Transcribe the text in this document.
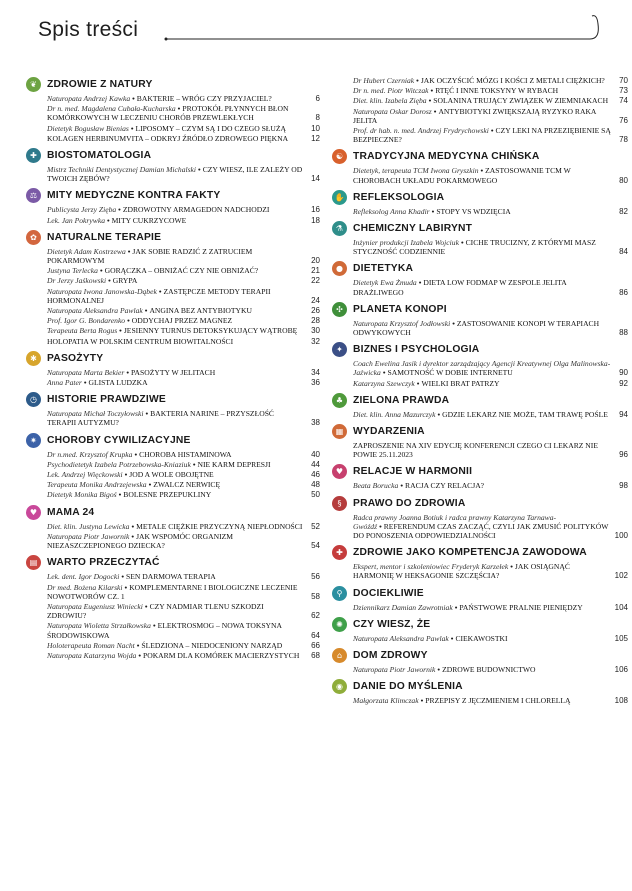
Spis treści
❦ ZDROWIE Z NATURY
Naturopata Andrzej Kawka • BAKTERIE – WRÓG CZY PRZYJACIEL?	6
Dr n. med. Magdalena Cubała-Kucharska • PROTOKÓŁ PŁYNNYCH BŁON KOMÓRKOWYCH W LECZENIU CHORÓB PRZEWLEKŁYCH	8
Dietetyk Bogusław Bienias • LIPOSOMY – CZYM SĄ I DO CZEGO SŁUŻĄ	10
KOLAGEN HERBINUMVITA – ODKRYJ ŹRÓDŁO ZDROWEGO PIĘKNA	12
✚ BIOSTOMATOLOGIA
Mistrz Techniki Dentystycznej Damian Michalski • CZY WIESZ, ILE ZALEŻY OD TWOICH ZĘBÓW?	14
⚖ MITY MEDYCZNE KONTRA FAKTY
Publicysta Jerzy Zięba • ZDROWOTNY ARMAGEDON NADCHODZI	16
Lek. Jan Pokrywka • MITY CUKRZYCOWE	18
✿ NATURALNE TERAPIE
Dietetyk Adam Kostrzewa • JAK SOBIE RADZIĆ Z ZATRUCIEM POKARMOWYM	20
Justyna Terlecka • GORĄCZKA – OBNIŻAĆ CZY NIE OBNIŻAĆ?	21
Dr Jerzy Jaśkowski • GRYPA	22
Naturopata Iwona Janowska-Dąbek • ZASTĘPCZE METODY TERAPII HORMONALNEJ	24
Naturopata Aleksandra Pawlak • ANGINA BEZ ANTYBIOTYKU	26
Prof. Igor G. Bondarenko • ODDYCHAJ PRZEZ MAGNEZ	28
Terapeuta Berta Rogus • JESIENNY TURNUS DETOKSYKUJĄCY WĄTROBĘ	30
HOLOPATIA W POLSKIM CENTRUM BIOWITALNOŚCI	32
✱ PASOŻYTY
Naturopata Marta Bekier • PASOŻYTY W JELITACH	34
Anna Pater • GLISTA LUDZKA	36
◷ HISTORIE PRAWDZIWE
Naturopata Michał Toczyłowski • BAKTERIA NARINE – PRZYSZŁOŚĆ TERAPII AUTYZMU?	38
✷ CHOROBY CYWILIZACYJNE
Dr n.med. Krzysztof Krupka • CHOROBA HISTAMINOWA	40
Psychodietetyk Izabela Potrzebowska-Kniaziuk • NIE KARM DEPRESJI	44
Lek. Andrzej Więckowski • JOD A WOLE OBOJĘTNE	46
Terapeuta Monika Andrzejewska • ZWALCZ NERWICĘ	48
Dietetyk Monika Bigoś • BOLESNE PRZEPUKLINY	50
♥ MAMA 24
Diet. klin. Justyna Lewicka • METALE CIĘŻKIE PRZYCZYNĄ NIEPŁODNOŚCI	52
Naturopata Piotr Jawornik • JAK WSPOMÓC ORGANIZM NIEZASZCZEPIONEGO DZIECKA?	54
▤ WARTO PRZECZYTAĆ
Lek. dent. Igor Dogocki • SEN DARMOWA TERAPIA	56
Dr med. Bożena Kilarski • KOMPLEMENTARNE I BIOLOGICZNE LECZENIE NOWOTWORÓW CZ. 1	58
Naturopata Eugeniusz Winiecki • CZY NADMIAR TLENU SZKODZI ZDROWIU?	62
Naturopata Wioletta Strzałkowska • ELEKTROSMOG – NOWA TOKSYNA ŚRODOWISKOWA	64
Holoterapeuta Roman Nacht • ŚLEDZIONA – NIEDOCENIONY NARZĄD	66
Naturopata Katarzyna Wojda • POKARM DLA KOMÓREK MACIERZYSTYCH	68
Dr Hubert Czerniak • JAK OCZYŚCIĆ MÓZG I KOŚCI Z METALI CIĘŻKICH?	70
Dr n. med. Piotr Witczak • RTĘĆ I INNE TOKSYNY W RYBACH	73
Diet. klin. Izabela Zięba • SOLANINA TRUJĄCY ZWIĄZEK W ZIEMNIAKACH	74
Naturopata Oskar Dorosz • ANTYBIOTYKI ZWIĘKSZAJĄ RYZYKO RAKA JELITA	76
Prof. dr hab. n. med. Andrzej Frydrychowski • CZY LEKI NA PRZEZIĘBIENIE SĄ BEZPIECZNE?	78
☯ TRADYCYJNA MEDYCYNA CHIŃSKA
Dietetyk, terapeuta TCM Iwona Gryszkin • ZASTOSOWANIE TCM W CHOROBACH UKŁADU POKARMOWEGO	80
✋ REFLEKSOLOGIA
Refleksolog Anna Khadir • STOPY VS WDZIĘCIA	82
⚗ CHEMICZNY LABIRYNT
Inżynier produkcji Izabela Wojciuk • CICHE TRUCIZNY, Z KTÓRYMI MASZ STYCZNOŚĆ CODZIENNIE	84
● DIETETYKA
Dietetyk Ewa Żmuda • DIETA LOW FODMAP W ZESPOLE JELITA DRAŻLIWEGO	86
✣ PLANETA KONOPI
Naturopata Krzysztof Jodłowski • ZASTOSOWANIE KONOPI W TERAPIACH ODWYKOWYCH	88
✦ BIZNES I PSYCHOLOGIA
Coach Ewelina Jasik i dyrektor zarządzający Agencji Kreatywnej Olga Malinowska-Jaźwicka • SAMOTNOŚĆ W DOBIE INTERNETU	90
Katarzyna Szewczyk • WIELKI BRAT PATRZY	92
♣ ZIELONA PRAWDA
Diet. klin. Anna Mazurczyk • GDZIE LEKARZ NIE MOŻE, TAM TRAWĘ POŚLE	94
▦ WYDARZENIA
ZAPROSZENIE NA XIV EDYCJĘ KONFERENCJI CZEGO CI LEKARZ NIE POWIE 25.11.2023	96
♥ RELACJE W HARMONII
Beata Borucka • RACJA CZY RELACJA?	98
§	PRAWO DO ZDROWIA
Radca prawny Joanna Botiuk i radca prawny Katarzyna Tarnawa-Gwóźdź • REFERENDUM CZAS ZACZĄĆ, CZYLI JAK ZMUSIĆ POLITYKÓW DO PONOSZENIA ODPOWIEDZIALNOŚCI	100
✚ ZDROWIE JAKO KOMPETENCJA ZAWODOWA
Ekspert, mentor i szkoleniowiec Fryderyk Karzełek • JAK OSIĄGNĄĆ HARMONIĘ W HEKSAGONIE SZCZĘŚCIA?	102
⚲	DOCIEKLIWIE
Dziennikarz Damian Zawrotniak • PAŃSTWOWE PRALNIE PIENIĘDZY	104
✺ CZY WIESZ, ŻE
Naturopata Aleksandra Pawlak • CIEKAWOSTKI	105
⌂	DOM ZDROWY
Naturopata Piotr Jawornik • ZDROWE BUDOWNICTWO	106
◉ DANIE DO MYŚLENIA
Małgorzata Klimczak • PRZEPISY Z JĘCZMIENIEM I CHLORELLĄ	108
